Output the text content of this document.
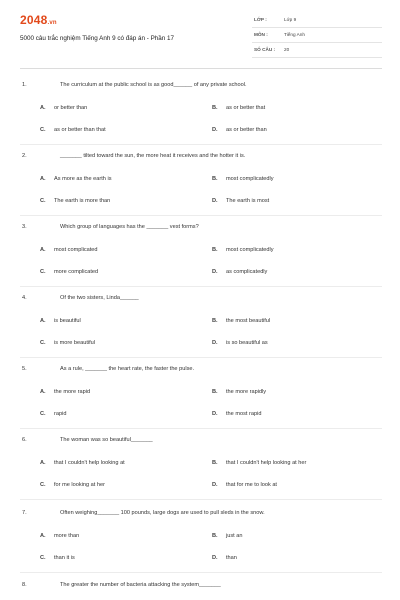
2048.vn
5000 câu trắc nghiệm Tiếng Anh 9 có đáp án - Phần 17
LỚP :	Lớp 9
MÔN :	Tiếng Anh
SỐ CÂU : 20
1.	The curriculum at the public school is as good______ of any private school.
A. or better than	B. as or better that
C. as or better than that	D. as or better than
2.	_______ tilted toward the sun, the more heat it receives and the hotter it is.
A. As more as the earth is	B. most complicatedly
C. The earth is more than	D. The earth is most
3.	Which group of languages has the _______ vest forms?
A. most complicated	B. most complicatedly
C. more complicated	D. as complicatedly
4.	Of the two sisters, Linda______
A. is beautiful	B. the most beautiful
C. is more beautiful	D. is so beautiful as
5.	As a rule, _______ the heart rate, the faster the pulse.
A. the more rapid	B. the more rapidly
C. rapid	D. the most rapid
6.	The woman was so beautiful_______
A. that I couldn't help looking at	B. that I couldn't help looking at her
C. for me looking at her	D. that for me to look at
7.	Often weighing_______ 100 pounds, large dogs are used to pull sleds in the snow.
A. more than	B. just an
C. than it is	D. than
8.	The greater the number of bacteria attacking the system_______
